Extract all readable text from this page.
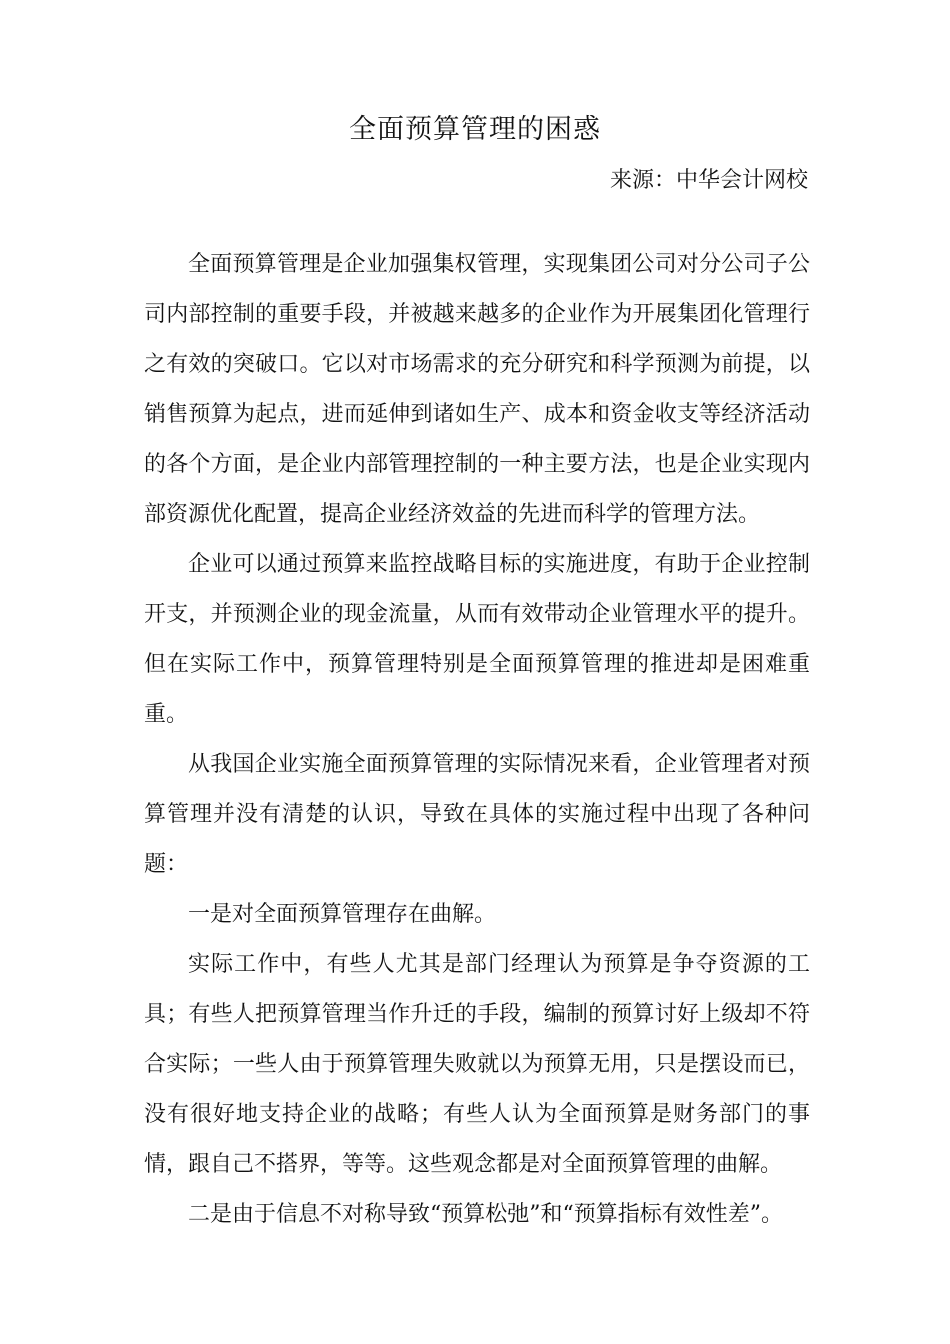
全面预算管理的困惑
来源：中华会计网校

全面预算管理是企业加强集权管理，实现集团公司对分公司子公司内部控制的重要手段，并被越来越多的企业作为开展集团化管理行之有效的突破口。它以对市场需求的充分研究和科学预测为前提，以销售预算为起点，进而延伸到诸如生产、成本和资金收支等经济活动的各个方面，是企业内部管理控制的一种主要方法，也是企业实现内部资源优化配置，提高企业经济效益的先进而科学的管理方法。

企业可以通过预算来监控战略目标的实施进度，有助于企业控制开支，并预测企业的现金流量，从而有效带动企业管理水平的提升。但在实际工作中，预算管理特别是全面预算管理的推进却是困难重重。

从我国企业实施全面预算管理的实际情况来看，企业管理者对预算管理并没有清楚的认识，导致在具体的实施过程中出现了各种问题：

一是对全面预算管理存在曲解。

实际工作中，有些人尤其是部门经理认为预算是争夺资源的工具；有些人把预算管理当作升迁的手段，编制的预算讨好上级却不符合实际；一些人由于预算管理失败就以为预算无用，只是摆设而已，没有很好地支持企业的战略；有些人认为全面预算是财务部门的事情，跟自己不搭界，等等。这些观念都是对全面预算管理的曲解。

二是由于信息不对称导致“预算松弛”和“预算指标有效性差”。
